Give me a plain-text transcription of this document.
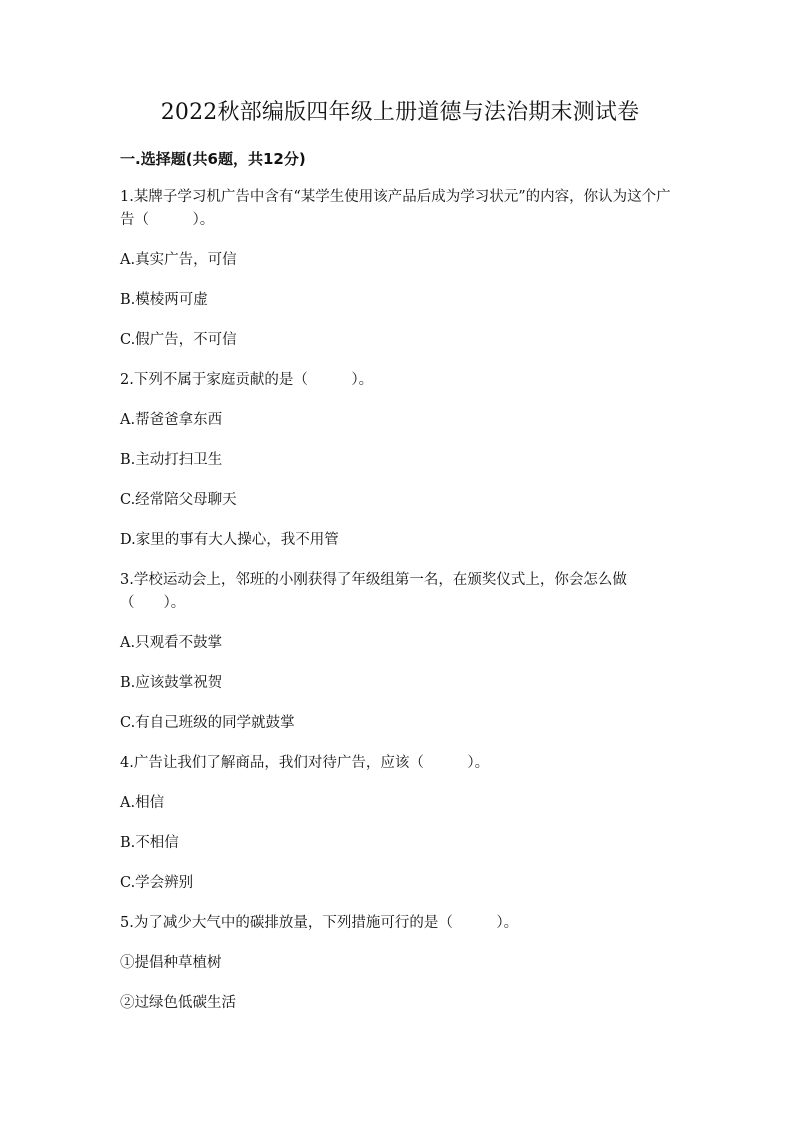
2022秋部编版四年级上册道德与法治期末测试卷
一.选择题(共6题，共12分)
1.某牌子学习机广告中含有“某学生使用该产品后成为学习状元”的内容，你认为这个广告（　　　）。
A.真实广告，可信
B.模棱两可虚
C.假广告，不可信
2.下列不属于家庭贡献的是（　　　）。
A.帮爸爸拿东西
B.主动打扫卫生
C.经常陪父母聊天
D.家里的事有大人操心，我不用管
3.学校运动会上，邻班的小刚获得了年级组第一名，在颁奖仪式上，你会怎么做（　　）。
A.只观看不鼓掌
B.应该鼓掌祝贺
C.有自己班级的同学就鼓掌
4.广告让我们了解商品，我们对待广告，应该（　　　）。
A.相信
B.不相信
C.学会辨别
5.为了减少大气中的碳排放量，下列措施可行的是（　　　）。
①提倡种草植树
②过绿色低碳生活
